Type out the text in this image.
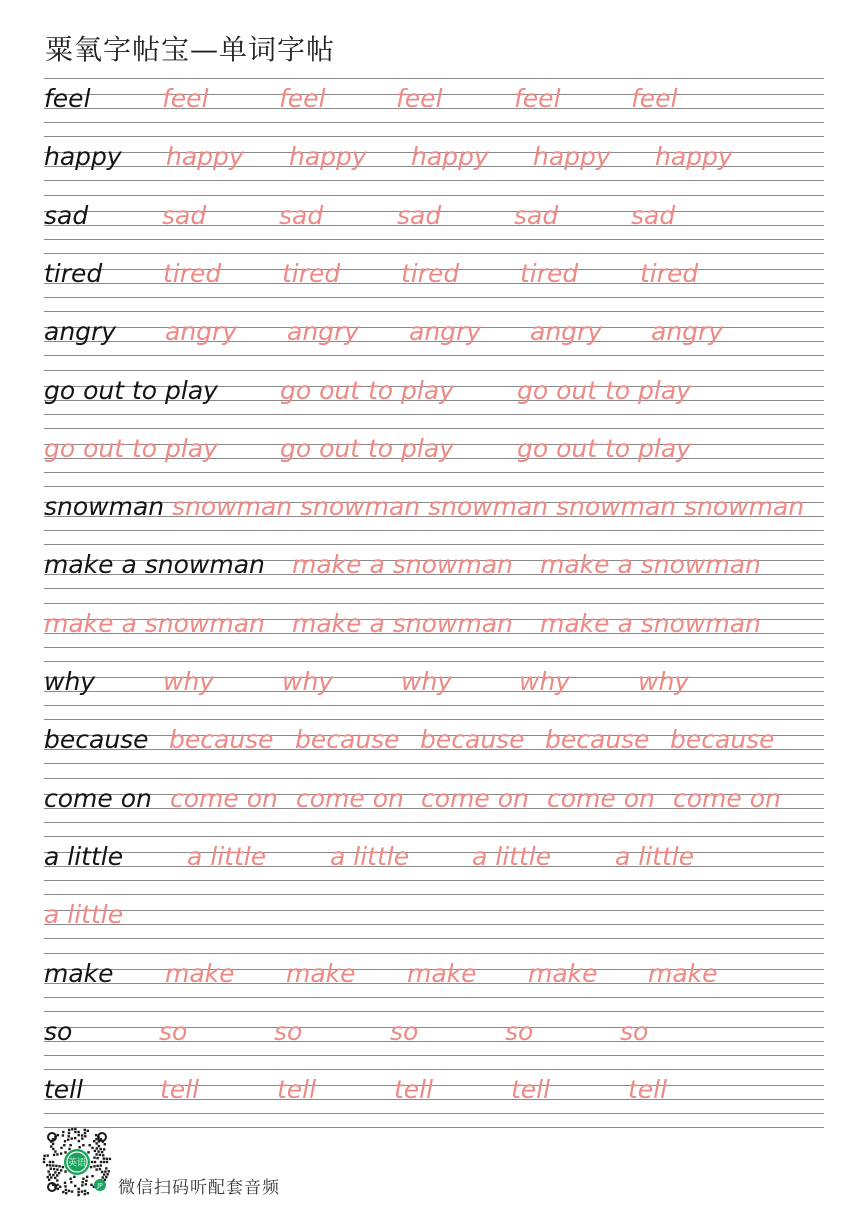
粟氧字帖宝—单词字帖
feel	feel	feel	feel	feel	feel
happy happy happy happy happy happy
sad	sad	sad	sad	sad	sad
tired tired tired tired tired tired
angry angry angry angry angry angry
go out to play go out to play	go out to play
go out to play go out to play	go out to play
snowman snowman snowman snowman snowman snowman
make a snowman make a snowman make a snowman
make a snowman make a snowman make a snowman
why	why	why	why	why	why
because because because because because because
come on come on come on come on come on come on
a little	a little	a little	a little	a little
a little
make make make make make make
so	so	so	so	so	so
tell	tell	tell	tell	tell	tell
英语
JP 微信扫码听配套音频
